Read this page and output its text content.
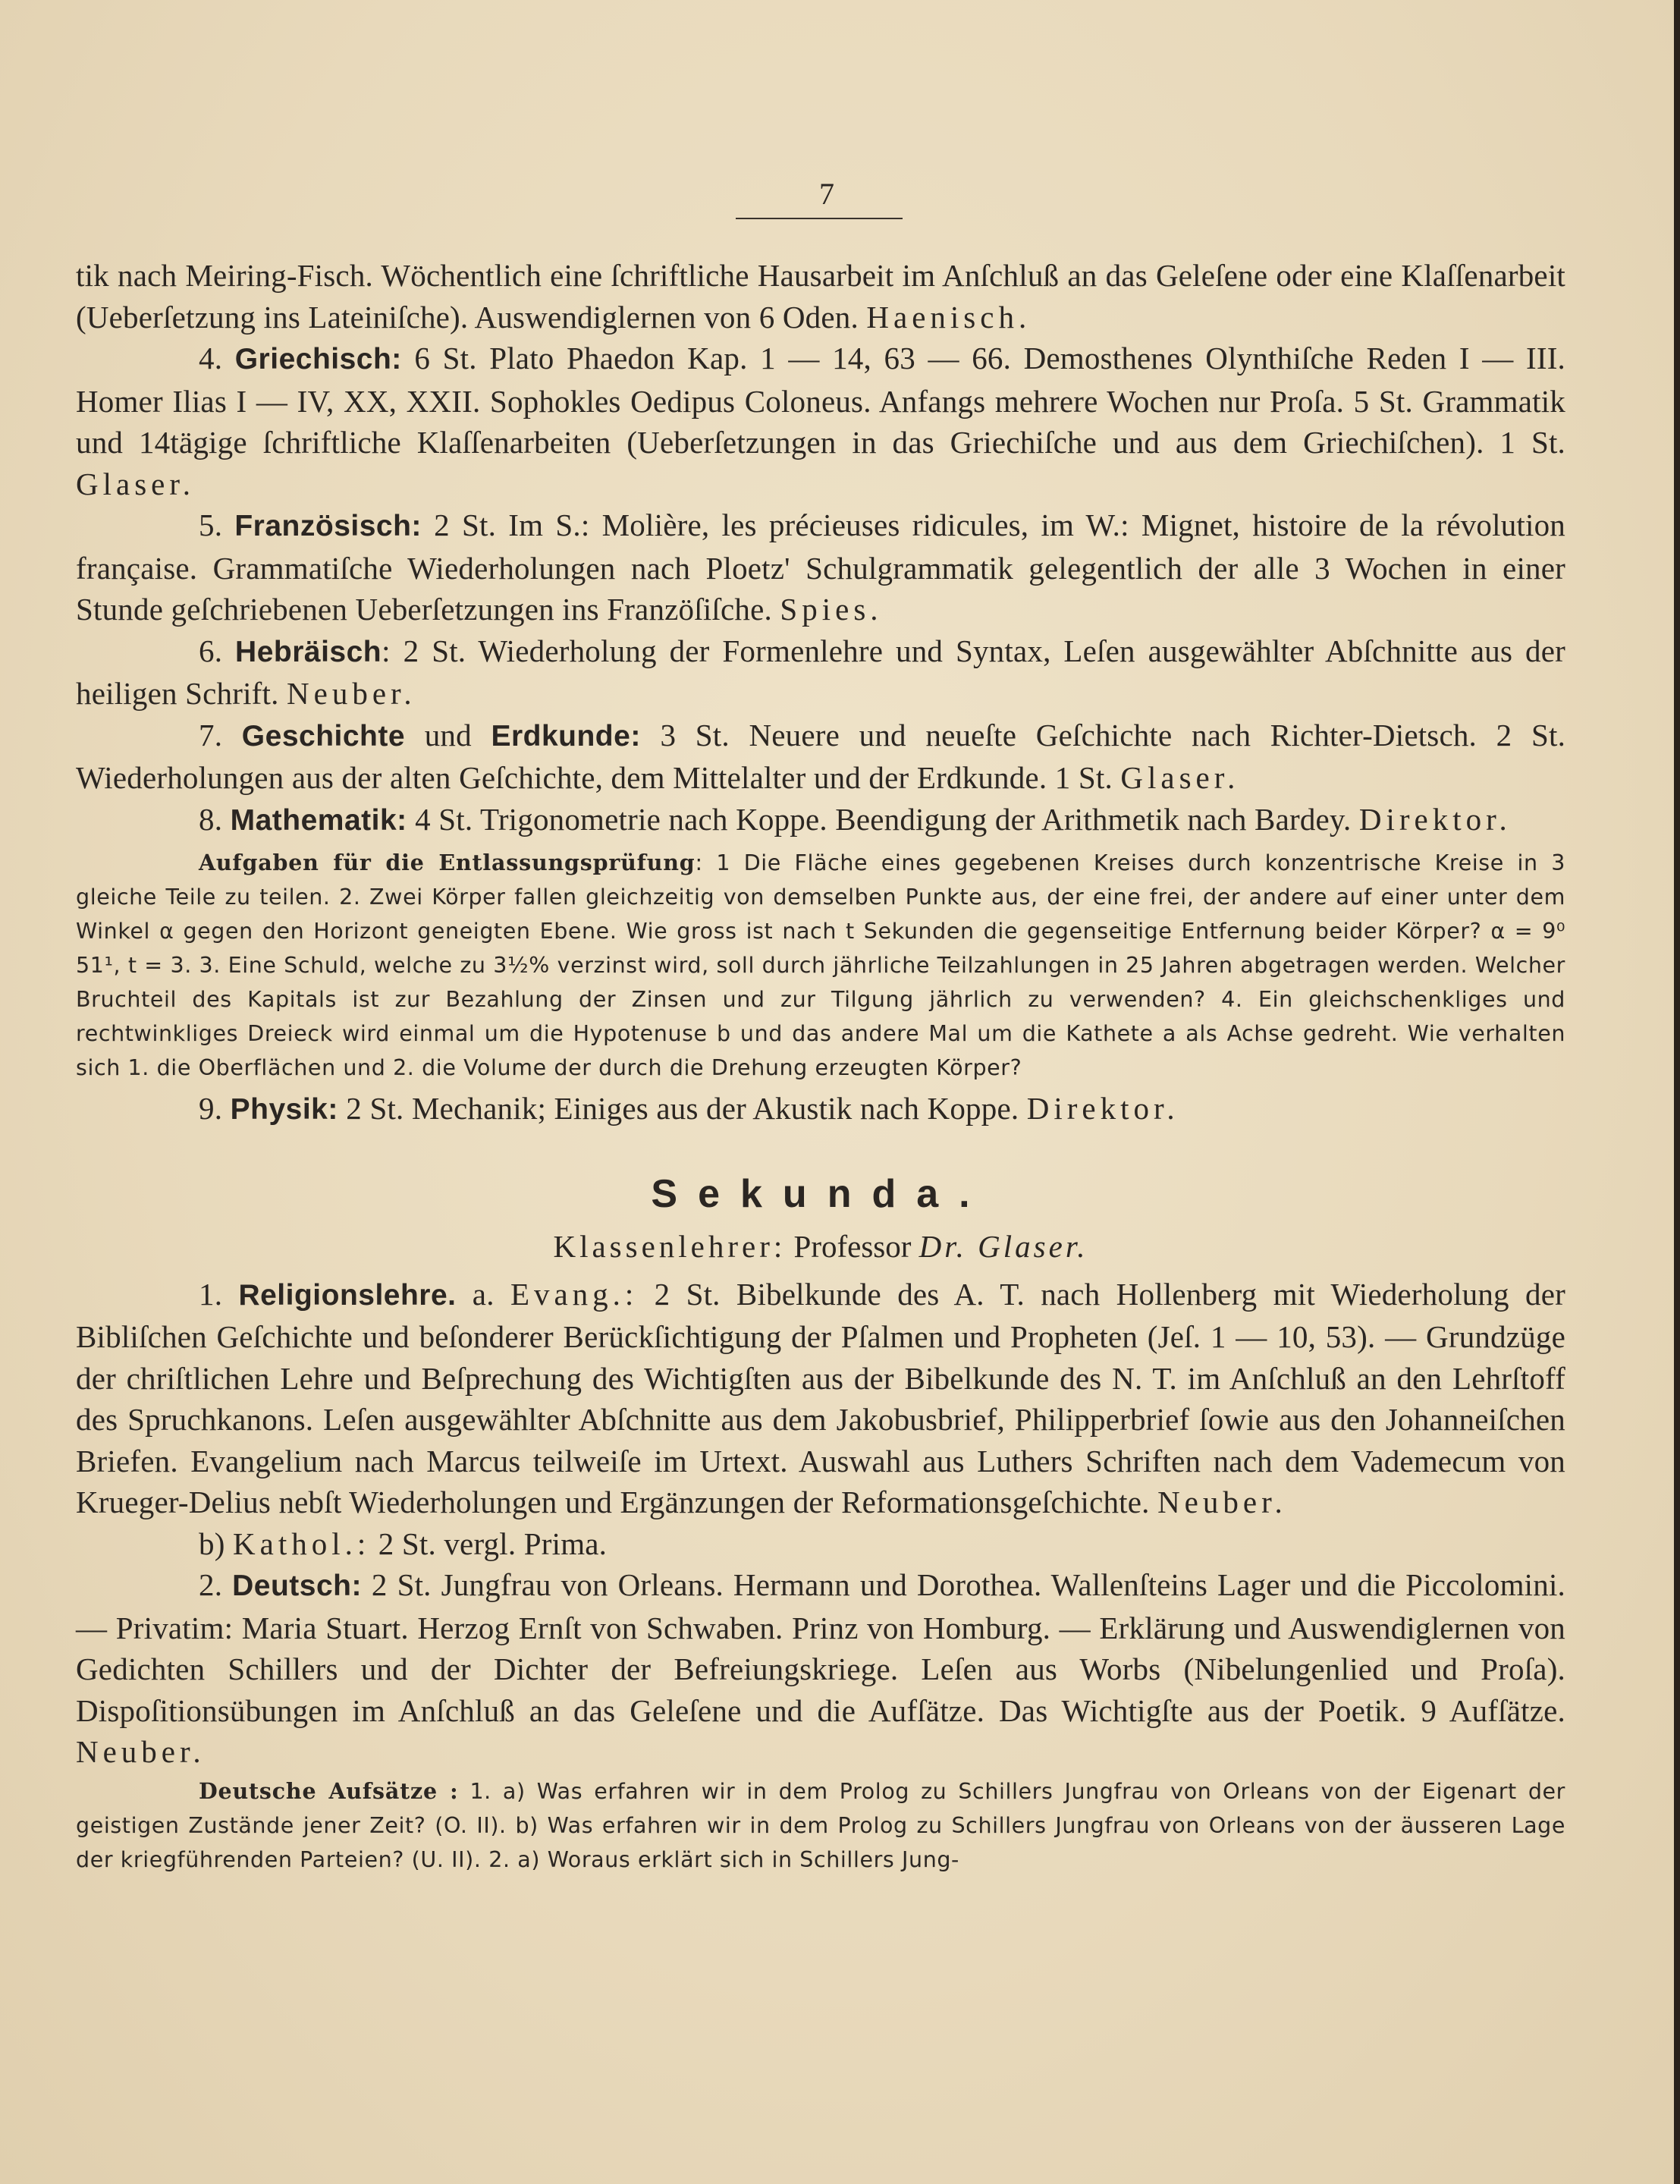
7

tik nach Meiring-Fisch. Wöchentlich eine ſchriftliche Hausarbeit im Anſchluß an das Geleſene oder eine Klaſſenarbeit (Ueberſetzung ins Lateiniſche). Auswendiglernen von 6 Oden. Haenisch.

4. Griechisch: 6 St. Plato Phaedon Kap. 1 — 14, 63 — 66. Demosthenes Olynthiſche Reden I — III. Homer Ilias I — IV, XX, XXII. Sophokles Oedipus Coloneus. Anfangs mehrere Wochen nur Proſa. 5 St. Grammatik und 14tägige ſchriftliche Klaſſenarbeiten (Ueberſetzungen in das Griechiſche und aus dem Griechiſchen). 1 St. Glaser.

5. Französisch: 2 St. Im S.: Molière, les précieuses ridicules, im W.: Mignet, histoire de la révolution française. Grammatiſche Wiederholungen nach Ploetz' Schulgrammatik gelegentlich der alle 3 Wochen in einer Stunde geſchriebenen Ueberſetzungen ins Franzöſiſche. Spies.

6. Hebräisch: 2 St. Wiederholung der Formenlehre und Syntax, Leſen ausgewählter Abſchnitte aus der heiligen Schrift. Neuber.

7. Geschichte und Erdkunde: 3 St. Neuere und neueſte Geſchichte nach Richter-Dietsch. 2 St. Wiederholungen aus der alten Geſchichte, dem Mittelalter und der Erdkunde. 1 St. Glaser.

8. Mathematik: 4 St. Trigonometrie nach Koppe. Beendigung der Arithmetik nach Bardey. Direktor.

Aufgaben für die Entlassungsprüfung: 1 Die Fläche eines gegebenen Kreises durch konzentrische Kreise in 3 gleiche Teile zu teilen. 2. Zwei Körper fallen gleichzeitig von demselben Punkte aus, der eine frei, der andere auf einer unter dem Winkel α gegen den Horizont geneigten Ebene. Wie gross ist nach t Sekunden die gegenseitige Entfernung beider Körper? α = 9⁰ 51¹, t = 3. 3. Eine Schuld, welche zu 3½% verzinst wird, soll durch jährliche Teilzahlungen in 25 Jahren abgetragen werden. Welcher Bruchteil des Kapitals ist zur Bezahlung der Zinsen und zur Tilgung jährlich zu verwenden? 4. Ein gleichschenkliges und rechtwinkliges Dreieck wird einmal um die Hypotenuse b und das andere Mal um die Kathete a als Achse gedreht. Wie verhalten sich 1. die Oberflächen und 2. die Volume der durch die Drehung erzeugten Körper?

9. Physik: 2 St. Mechanik; Einiges aus der Akustik nach Koppe. Direktor.

Sekunda.
Klassenlehrer: Professor Dr. Glaser.

1. Religionslehre. a. Evang.: 2 St. Bibelkunde des A. T. nach Hollenberg mit Wiederholung der Bibliſchen Geſchichte und beſonderer Berückſichtigung der Pſalmen und Propheten (Jeſ. 1 — 10, 53). — Grundzüge der chriſtlichen Lehre und Beſprechung des Wichtigſten aus der Bibelkunde des N. T. im Anſchluß an den Lehrſtoff des Spruchkanons. Leſen ausgewählter Abſchnitte aus dem Jakobusbrief, Philipperbrief ſowie aus den Johanneiſchen Briefen. Evangelium nach Marcus teilweiſe im Urtext. Auswahl aus Luthers Schriften nach dem Vademecum von Krueger-Delius nebſt Wiederholungen und Ergänzungen der Reformationsgeſchichte. Neuber.

b) Kathol.: 2 St. vergl. Prima.

2. Deutsch: 2 St. Jungfrau von Orleans. Hermann und Dorothea. Wallenſteins Lager und die Piccolomini. — Privatim: Maria Stuart. Herzog Ernſt von Schwaben. Prinz von Homburg. — Erklärung und Auswendiglernen von Gedichten Schillers und der Dichter der Befreiungskriege. Leſen aus Worbs (Nibelungenlied und Proſa). Dispoſitionsübungen im Anſchluß an das Geleſene und die Aufſätze. Das Wichtigſte aus der Poetik. 9 Aufſätze. Neuber.

Deutsche Aufsätze : 1. a) Was erfahren wir in dem Prolog zu Schillers Jungfrau von Orleans von der Eigenart der geistigen Zustände jener Zeit? (O. II). b) Was erfahren wir in dem Prolog zu Schillers Jungfrau von Orleans von der äusseren Lage der kriegführenden Parteien? (U. II). 2. a) Woraus erklärt sich in Schillers Jung-
